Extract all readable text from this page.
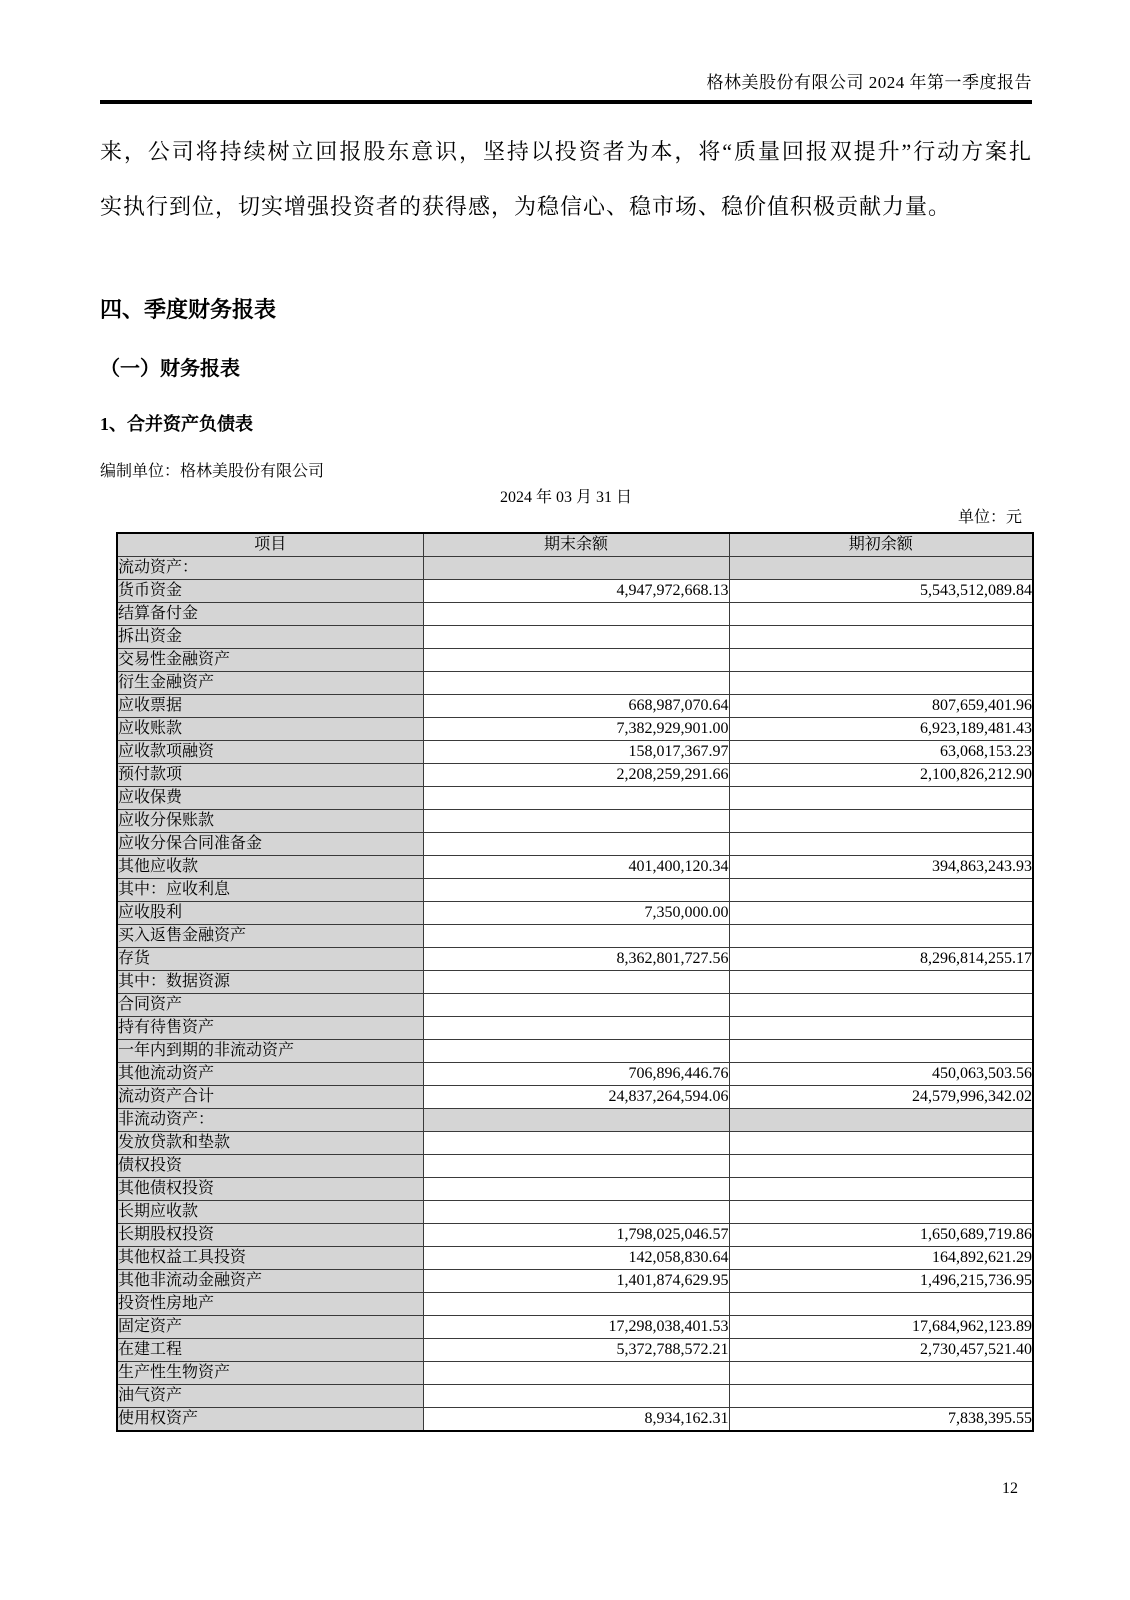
格林美股份有限公司 2024 年第一季度报告
来，公司将持续树立回报股东意识，坚持以投资者为本，将“质量回报双提升”行动方案扎
实执行到位，切实增强投资者的获得感，为稳信心、稳市场、稳价值积极贡献力量。
四、季度财务报表
（一）财务报表
1、合并资产负债表
编制单位：格林美股份有限公司
2024 年 03 月 31 日
单位：元
项目	期末余额	期初余额
流动资产：		
货币资金	4,947,972,668.13	5,543,512,089.84
结算备付金		
拆出资金		
交易性金融资产		
衍生金融资产		
应收票据	668,987,070.64	807,659,401.96
应收账款	7,382,929,901.00	6,923,189,481.43
应收款项融资	158,017,367.97	63,068,153.23
预付款项	2,208,259,291.66	2,100,826,212.90
应收保费		
应收分保账款		
应收分保合同准备金		
其他应收款	401,400,120.34	394,863,243.93
其中：应收利息		
应收股利	7,350,000.00	
买入返售金融资产		
存货	8,362,801,727.56	8,296,814,255.17
其中：数据资源		
合同资产		
持有待售资产		
一年内到期的非流动资产		
其他流动资产	706,896,446.76	450,063,503.56
流动资产合计	24,837,264,594.06	24,579,996,342.02
非流动资产：		
发放贷款和垫款		
债权投资		
其他债权投资		
长期应收款		
长期股权投资	1,798,025,046.57	1,650,689,719.86
其他权益工具投资	142,058,830.64	164,892,621.29
其他非流动金融资产	1,401,874,629.95	1,496,215,736.95
投资性房地产		
固定资产	17,298,038,401.53	17,684,962,123.89
在建工程	5,372,788,572.21	2,730,457,521.40
生产性生物资产		
油气资产		
使用权资产	8,934,162.31	7,838,395.55
12
